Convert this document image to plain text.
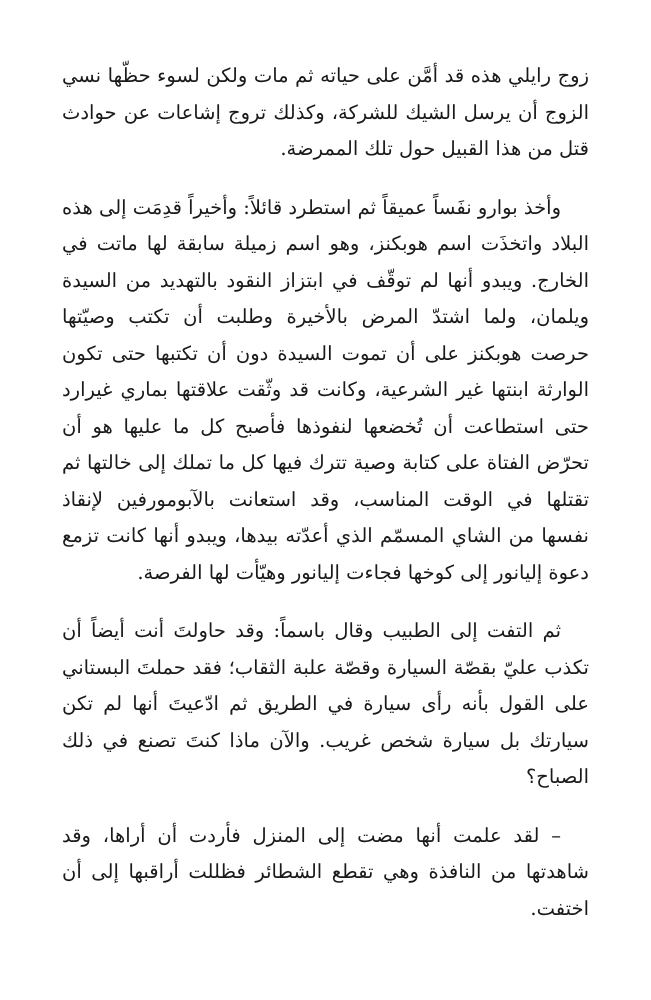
زوج رايلي هذه قد أمَّن على حياته ثم مات ولكن لسوء حظّها نسي الزوج أن يرسل الشيك للشركة، وكذلك تروج إشاعات عن حوادث قتل من هذا القبيل حول تلك الممرضة.

وأخذ بوارو نفَساً عميقاً ثم استطرد قائلاً: وأخيراً قدِمَت إلى هذه البلاد واتخذَت اسم هوبكنز، وهو اسم زميلة سابقة لها ماتت في الخارج. ويبدو أنها لم توقّف في ابتزاز النقود بالتهديد من السيدة ويلمان، ولما اشتدّ المرض بالأخيرة وطلبت أن تكتب وصيّتها حرصت هوبكنز على أن تموت السيدة دون أن تكتبها حتى تكون الوارثة ابنتها غير الشرعية، وكانت قد وثّقت علاقتها بماري غيرارد حتى استطاعت أن تُخضعها لنفوذها فأصبح كل ما عليها هو أن تحرّض الفتاة على كتابة وصية تترك فيها كل ما تملك إلى خالتها ثم تقتلها في الوقت المناسب، وقد استعانت بالآبومورفين لإنقاذ نفسها من الشاي المسمّم الذي أعدّته بيدها، ويبدو أنها كانت تزمع دعوة إليانور إلى كوخها فجاءت إليانور وهيّأت لها الفرصة.

ثم التفت إلى الطبيب وقال باسماً: وقد حاولتَ أنت أيضاً أن تكذب عليّ بقصّة السيارة وقصّة علبة الثقاب؛ فقد حملتَ البستاني على القول بأنه رأى سيارة في الطريق ثم ادّعيتَ أنها لم تكن سيارتك بل سيارة شخص غريب. والآن ماذا كنتَ تصنع في ذلك الصباح؟

– لقد علمت أنها مضت إلى المنزل فأردت أن أراها، وقد شاهدتها من النافذة وهي تقطع الشطائر فظللت أراقبها إلى أن اختفت.
